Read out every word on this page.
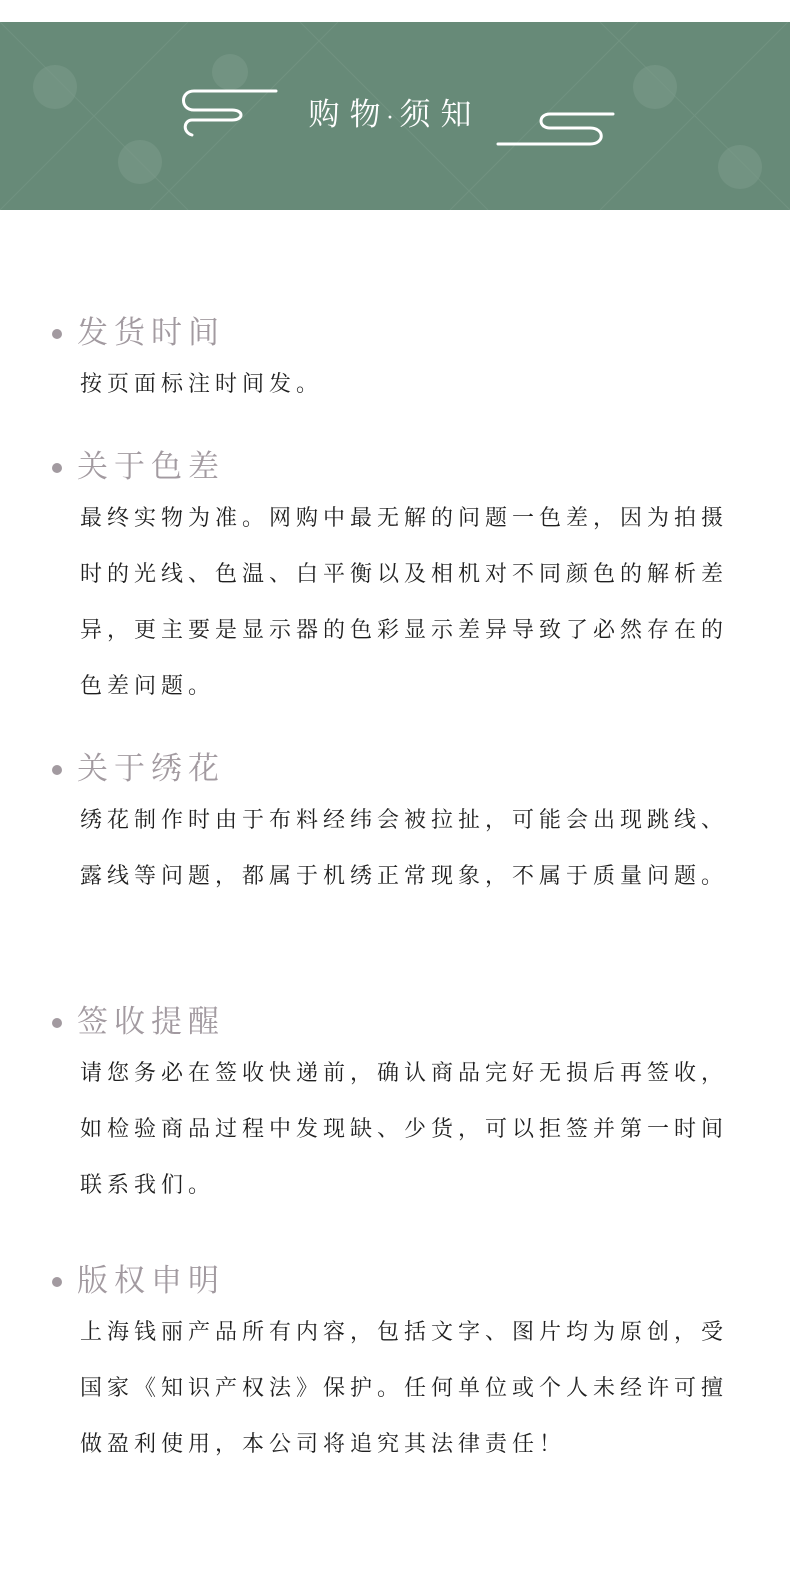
购物·须知
发货时间
按页面标注时间发。
关于色差
最终实物为准。网购中最无解的问题一色差，因为拍摄时的光线、色温、白平衡以及相机对不同颜色的解析差异，更主要是显示器的色彩显示差异导致了必然存在的色差问题。
关于绣花
绣花制作时由于布料经纬会被拉扯，可能会出现跳线、露线等问题，都属于机绣正常现象，不属于质量问题。
签收提醒
请您务必在签收快递前，确认商品完好无损后再签收，如检验商品过程中发现缺、少货，可以拒签并第一时间联系我们。
版权申明
上海钱丽产品所有内容，包括文字、图片均为原创，受国家《知识产权法》保护。任何单位或个人未经许可擅做盈利使用，本公司将追究其法律责任！
